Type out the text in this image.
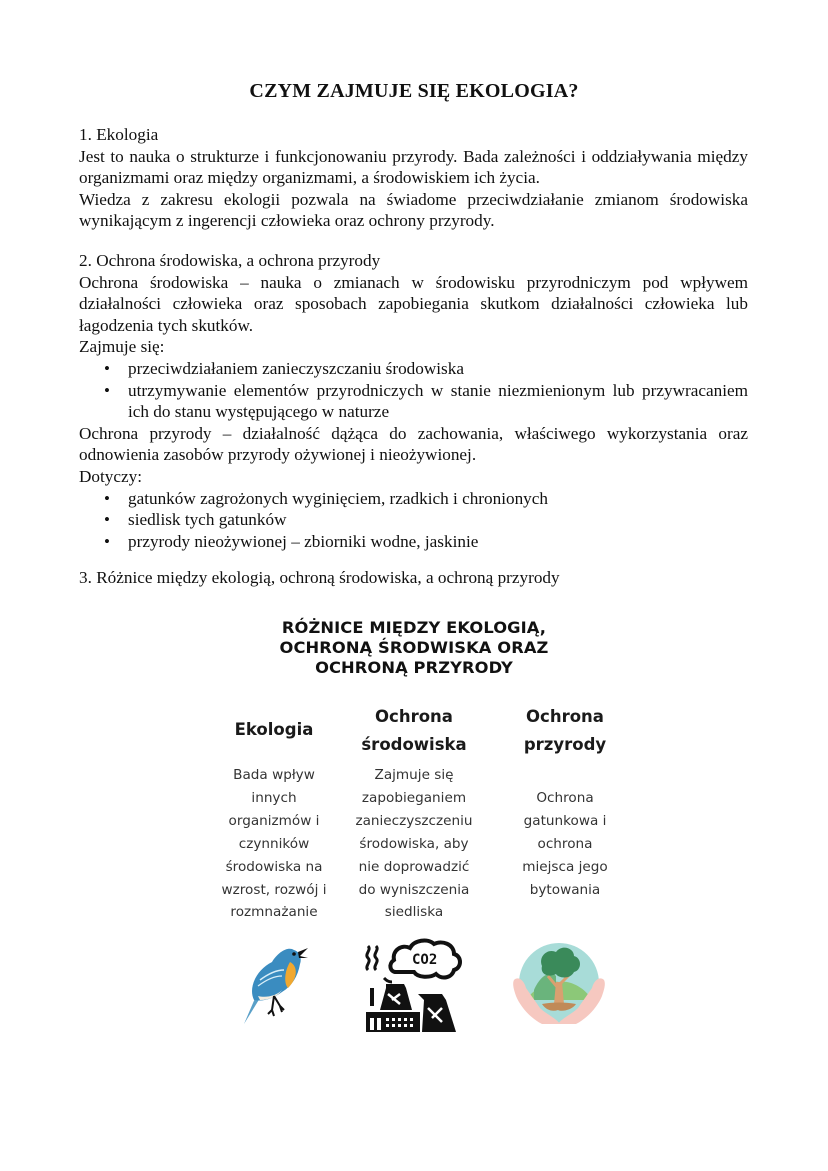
CZYM ZAJMUJE SIĘ EKOLOGIA?
1. Ekologia
Jest to nauka o strukturze i funkcjonowaniu przyrody. Bada zależności i oddziaływania między organizmami oraz między organizmami, a środowiskiem ich życia.
Wiedza z zakresu ekologii pozwala na świadome przeciwdziałanie zmianom środowiska wynikającym z ingerencji człowieka oraz ochrony przyrody.
2. Ochrona środowiska, a ochrona przyrody
Ochrona środowiska – nauka o zmianach w środowisku przyrodniczym pod wpływem działalności człowieka oraz sposobach zapobiegania skutkom działalności człowieka lub łagodzenia tych skutków.
Zajmuje się:
• przeciwdziałaniem zanieczyszczaniu środowiska
• utrzymywanie elementów przyrodniczych w stanie niezmienionym lub przywracaniem ich do stanu występującego w naturze
Ochrona przyrody – działalność dążąca do zachowania, właściwego wykorzystania oraz odnowienia zasobów przyrody ożywionej i nieożywionej.
Dotyczy:
• gatunków zagrożonych wyginięciem, rzadkich i chronionych
• siedlisk tych gatunków
• przyrody nieożywionej – zbiorniki wodne, jaskinie
3. Różnice między ekologią, ochroną środowiska, a ochroną przyrody
RÓŻNICE MIĘDZY EKOLOGIĄ,
OCHRONĄ ŚRODWISKA ORAZ
OCHRONĄ PRZYRODY
Ekologia
Bada wpływ
innych
organizmów i
czynników
środowiska na
wzrost, rozwój i
rozmnażanie
Ochrona
środowiska
Zajmuje się
zapobieganiem
zanieczyszczeniu
środowiska, aby
nie doprowadzić
do wyniszczenia
siedliska
Ochrona
przyrody
Ochrona
gatunkowa i
ochrona
miejsca jego
bytowania
CO2
